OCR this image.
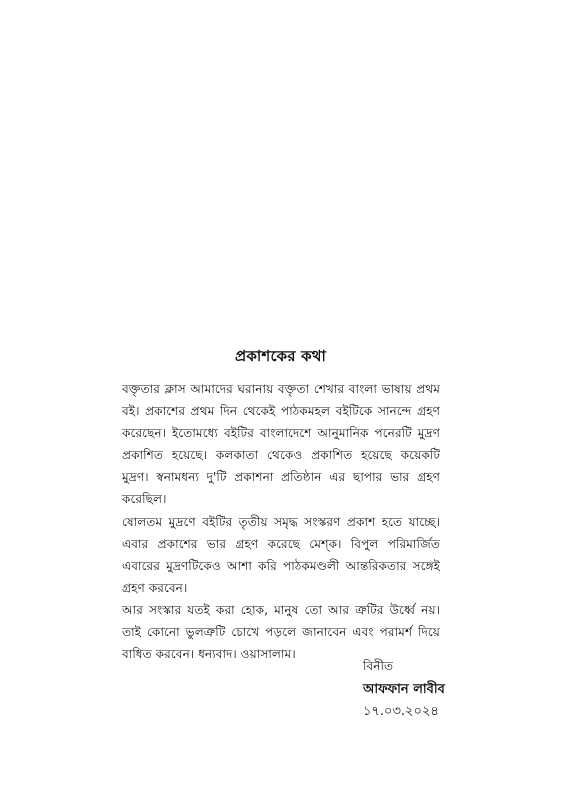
প্রকাশকের কথা

বক্তৃতার ক্লাস আমাদের ঘরানায় বক্তৃতা শেখার বাংলা ভাষায় প্রথম বই। প্রকাশের প্রথম দিন থেকেই পাঠকমহল বইটিকে সানন্দে গ্রহণ করেছেন। ইতোমধ্যে বইটির বাংলাদেশে আনুমানিক পনেরটি মুদ্রণ প্রকাশিত হয়েছে। কলকাতা থেকেও প্রকাশিত হয়েছে কয়েকটি মুদ্রণ। স্বনামধন্য দু'টি প্রকাশনা প্রতিষ্ঠান এর ছাপার ভার গ্রহণ করেছিল।

ষোলতম মুদ্রণে বইটির তৃতীয় সমৃদ্ধ সংস্করণ প্রকাশ হতে যাচ্ছে। এবার প্রকাশের ভার গ্রহণ করেছে মেশ্ক। বিপুল পরিমার্জিত এবারের মুদ্রণটিকেও আশা করি পাঠকমণ্ডলী আন্তরিকতার সঙ্গেই গ্রহণ করবেন।

আর সংস্কার যতই করা হোক, মানুষ তো আর ত্রুটির উর্ধ্বে নয়। তাই কোনো ভুলত্রুটি চোখে পড়লে জানাবেন এবং পরামর্শ দিয়ে বাধিত করবেন। ধন্যবাদ। ওয়াসালাম।

বিনীত
আফফান লাবীব
১৭.০৩.২০২৪
